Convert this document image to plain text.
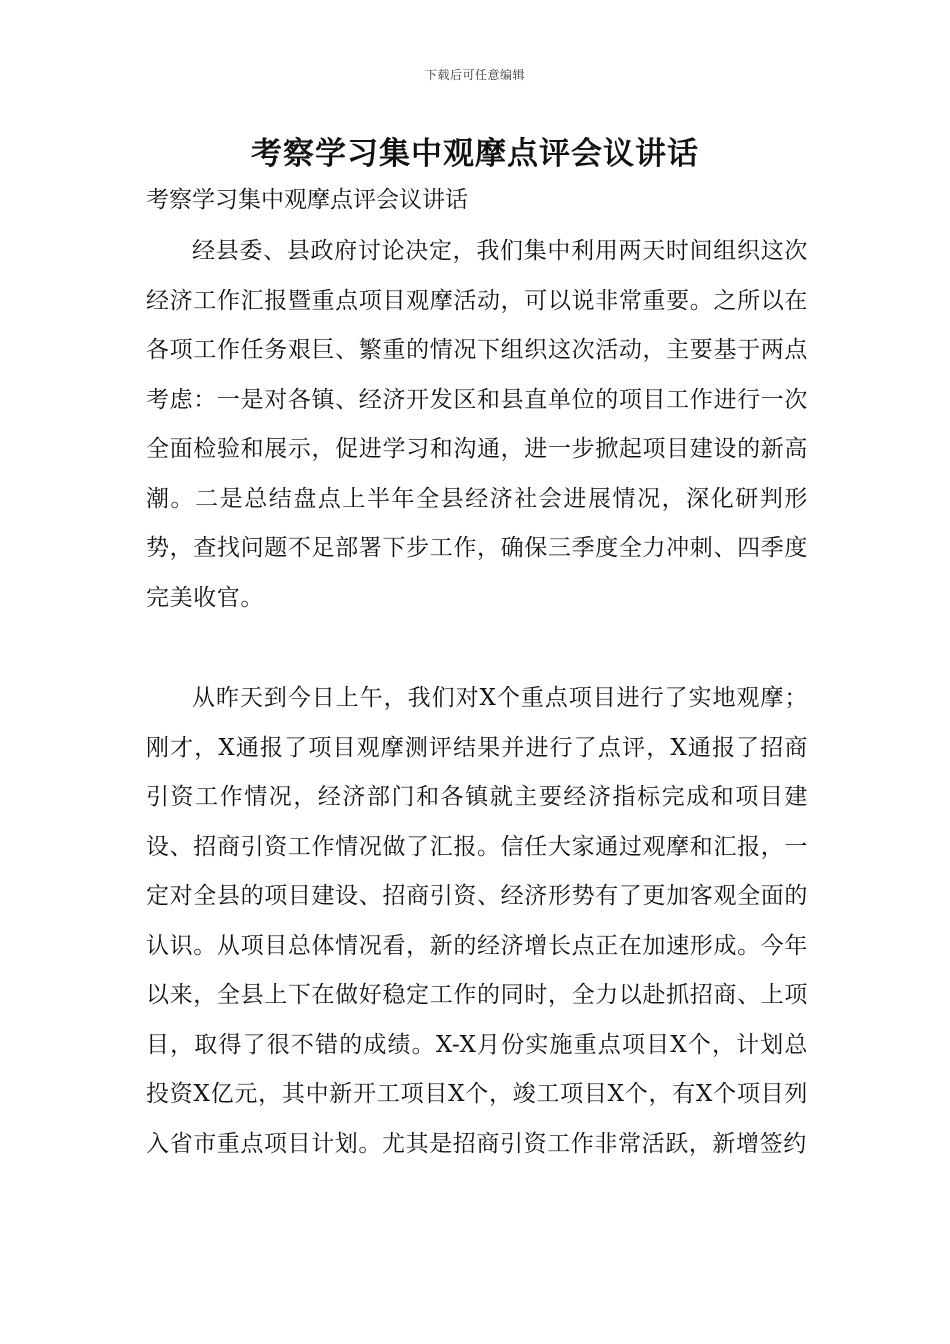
下载后可任意编辑
考察学习集中观摩点评会议讲话

考察学习集中观摩点评会议讲话

经县委、县政府讨论决定，我们集中利用两天时间组织这次经济工作汇报暨重点项目观摩活动，可以说非常重要。之所以在各项工作任务艰巨、繁重的情况下组织这次活动，主要基于两点考虑：一是对各镇、经济开发区和县直单位的项目工作进行一次全面检验和展示，促进学习和沟通，进一步掀起项目建设的新高潮。二是总结盘点上半年全县经济社会进展情况，深化研判形势，查找问题不足部署下步工作，确保三季度全力冲刺、四季度完美收官。

从昨天到今日上午，我们对X个重点项目进行了实地观摩；刚才，X通报了项目观摩测评结果并进行了点评，X通报了招商引资工作情况，经济部门和各镇就主要经济指标完成和项目建设、招商引资工作情况做了汇报。信任大家通过观摩和汇报，一定对全县的项目建设、招商引资、经济形势有了更加客观全面的认识。从项目总体情况看，新的经济增长点正在加速形成。今年以来，全县上下在做好稳定工作的同时，全力以赴抓招商、上项目，取得了很不错的成绩。X-X月份实施重点项目X个，计划总投资X亿元，其中新开工项目X个，竣工项目X个，有X个项目列入省市重点项目计划。尤其是招商引资工作非常活跃，新增签约
